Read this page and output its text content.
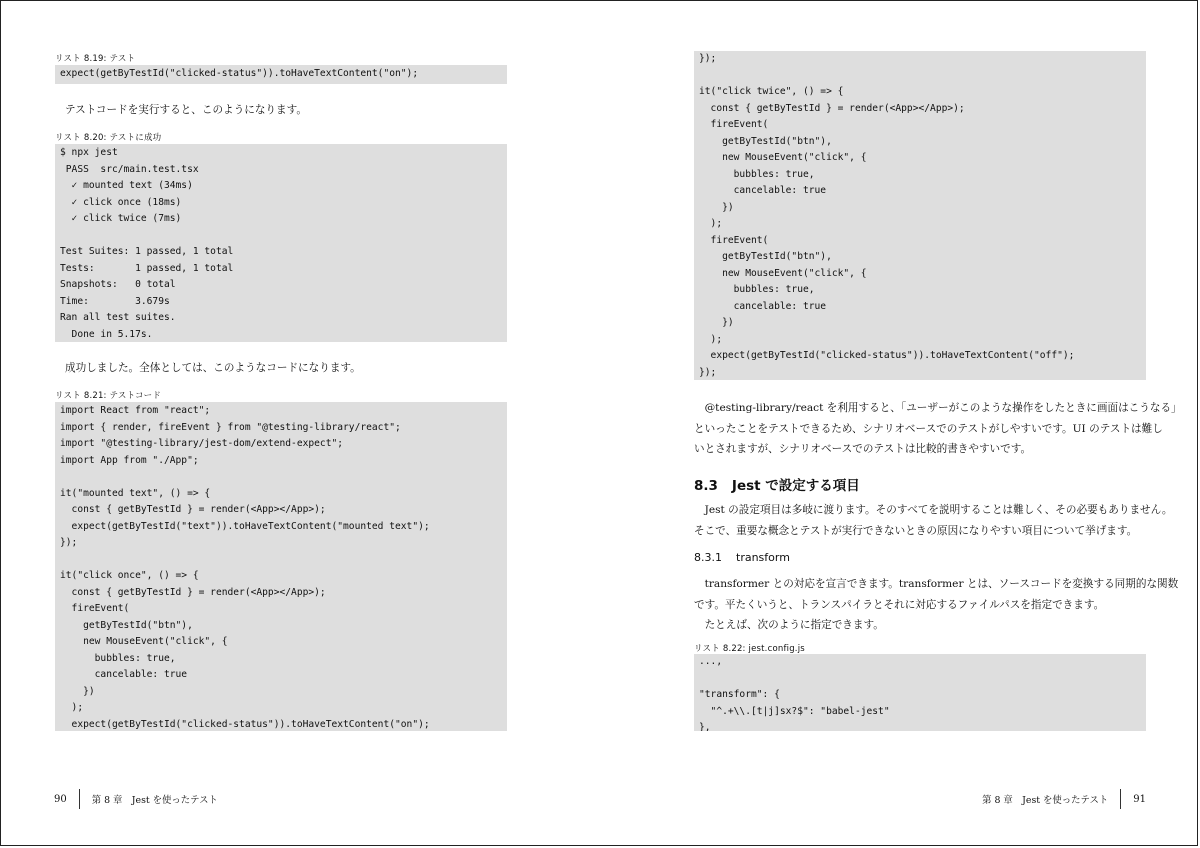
リスト 8.19: テスト
expect(getByTestId("clicked-status")).toHaveTextContent("on");
テストコードを実行すると、このようになります。
リスト 8.20: テストに成功
$ npx jest
PASS  src/main.test.tsx
✓ mounted text (34ms)
✓ click once (18ms)
✓ click twice (7ms)
Test Suites: 1 passed, 1 total
Tests:       1 passed, 1 total
Snapshots:   0 total
Time:        3.679s
Ran all test suites.
Done in 5.17s.
成功しました。全体としては、このようなコードになります。
リスト 8.21: テストコード
import React from "react";
import { render, fireEvent } from "@testing-library/react";
import "@testing-library/jest-dom/extend-expect";
import App from "./App";
it("mounted text", () => {
const { getByTestId } = render(<App></App>);
expect(getByTestId("text")).toHaveTextContent("mounted text");
});
it("click once", () => {
const { getByTestId } = render(<App></App>);
fireEvent(
getByTestId("btn"),
new MouseEvent("click", {
bubbles: true,
cancelable: true
})
);
expect(getByTestId("clicked-status")).toHaveTextContent("on");
90	第 8 章　Jest を使ったテスト
});
it("click twice", () => {
const { getByTestId } = render(<App></App>);
fireEvent(
getByTestId("btn"),
new MouseEvent("click", {
bubbles: true,
cancelable: true
})
);
fireEvent(
getByTestId("btn"),
new MouseEvent("click", {
bubbles: true,
cancelable: true
})
);
expect(getByTestId("clicked-status")).toHaveTextContent("off");
});
　@testing-library/react を利用すると、「ユーザーがこのような操作をしたときに画面はこうなる」
といったことをテストできるため、シナリオベースでのテストがしやすいです。UI のテストは難し
いとされますが、シナリオベースでのテストは比較的書きやすいです。
8.3 Jest で設定する項目
　Jest の設定項目は多岐に渡ります。そのすべてを説明することは難しく、その必要もありません。
そこで、重要な概念とテストが実行できないときの原因になりやすい項目について挙げます。
8.3.1 transform
　transformer との対応を宣言できます。transformer とは、ソースコードを変換する同期的な関数
です。平たくいうと、トランスパイラとそれに対応するファイルパスを指定できます。
　たとえば、次のように指定できます。
リスト 8.22: jest.config.js
...,
"transform": {
"^.+\\.[t|j]sx?$": "babel-jest"
},
第 8 章　Jest を使ったテスト	91
